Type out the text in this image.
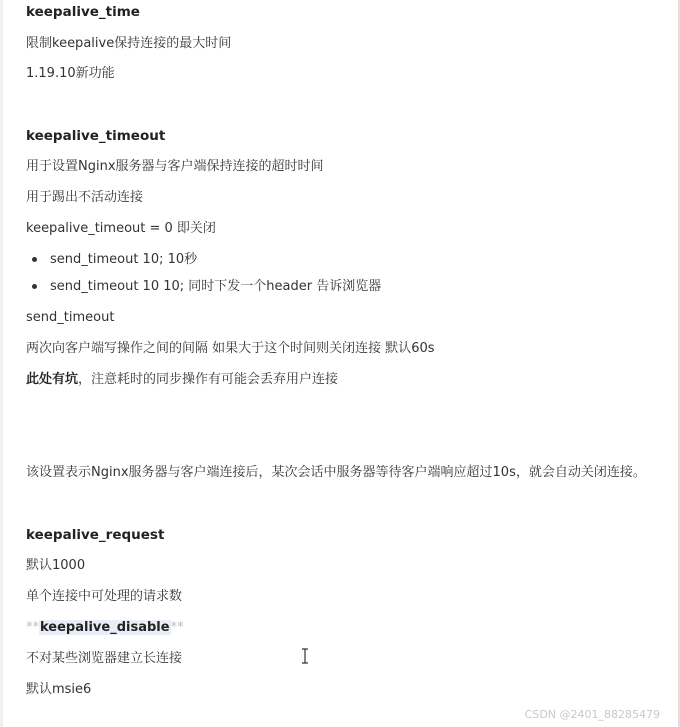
keepalive_time
限制keepalive保持连接的最大时间
1.19.10新功能
keepalive_timeout
用于设置Nginx服务器与客户端保持连接的超时时间
用于踢出不活动连接
keepalive_timeout = 0 即关闭
send_timeout 10; 10秒
send_timeout 10 10; 同时下发一个header 告诉浏览器
send_timeout
两次向客户端写操作之间的间隔 如果大于这个时间则关闭连接 默认60s
此处有坑，注意耗时的同步操作有可能会丢弃用户连接
该设置表示Nginx服务器与客户端连接后，某次会话中服务器等待客户端响应超过10s，就会自动关闭连接。
keepalive_request
默认1000
单个连接中可处理的请求数
**keepalive_disable**
不对某些浏览器建立长连接
默认msie6
CSDN @2401_88285479
